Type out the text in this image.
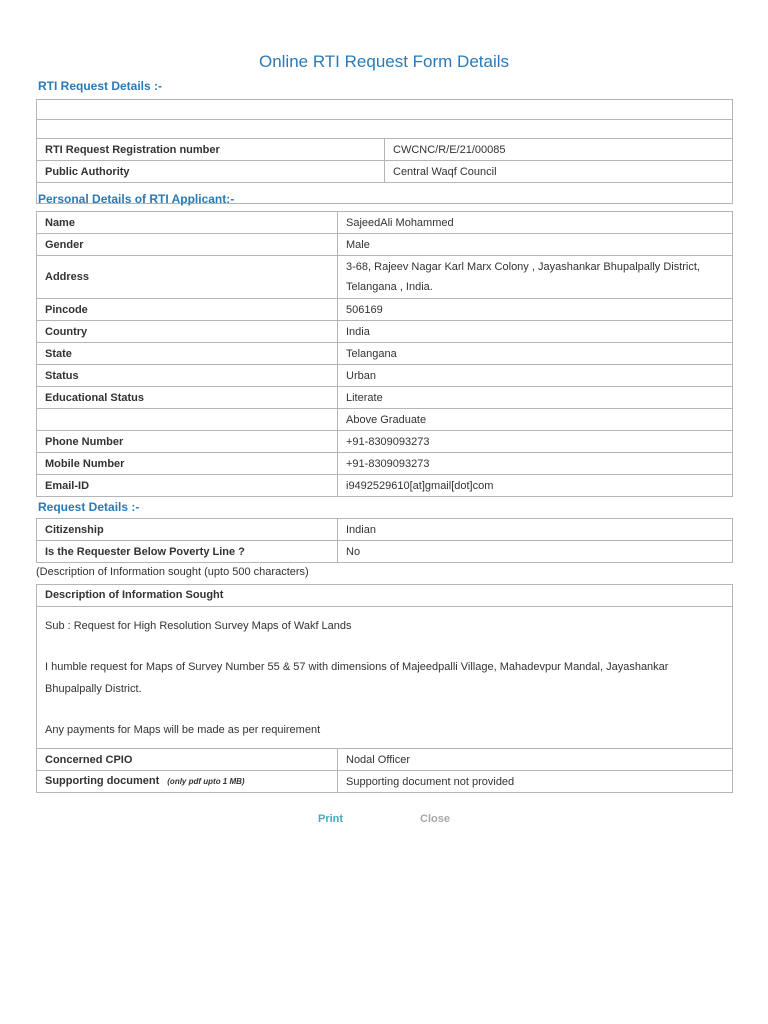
Online RTI Request Form Details
RTI Request Details :-

RTI Request Registration number	CWCNC/R/E/21/00085
Public Authority	Central Waqf Council

Personal Details of RTI Applicant:-
Name	SajeedAli Mohammed
Gender	Male
Address	3-68, Rajeev Nagar Karl Marx Colony , Jayashankar Bhupalpally District, Telangana , India.
Pincode	506169
Country	India
State	Telangana
Status	Urban
Educational Status	Literate
	Above Graduate
Phone Number	+91-8309093273
Mobile Number	+91-8309093273
Email-ID	i9492529610[at]gmail[dot]com
Request Details :-
Citizenship	Indian
Is the Requester Below Poverty Line ?	No
(Description of Information sought (upto 500 characters)
Description of Information Sought

Sub : Request for High Resolution Survey Maps of Wakf Lands

I humble request for Maps of Survey Number 55 & 57 with dimensions of Majeedpalli Village, Mahadevpur Mandal, Jayashankar Bhupalpally District.

Any payments for Maps will be made as per requirement

Concerned CPIO	Nodal Officer
Supporting document (only pdf upto 1 MB)	Supporting document not provided
Print	Close
